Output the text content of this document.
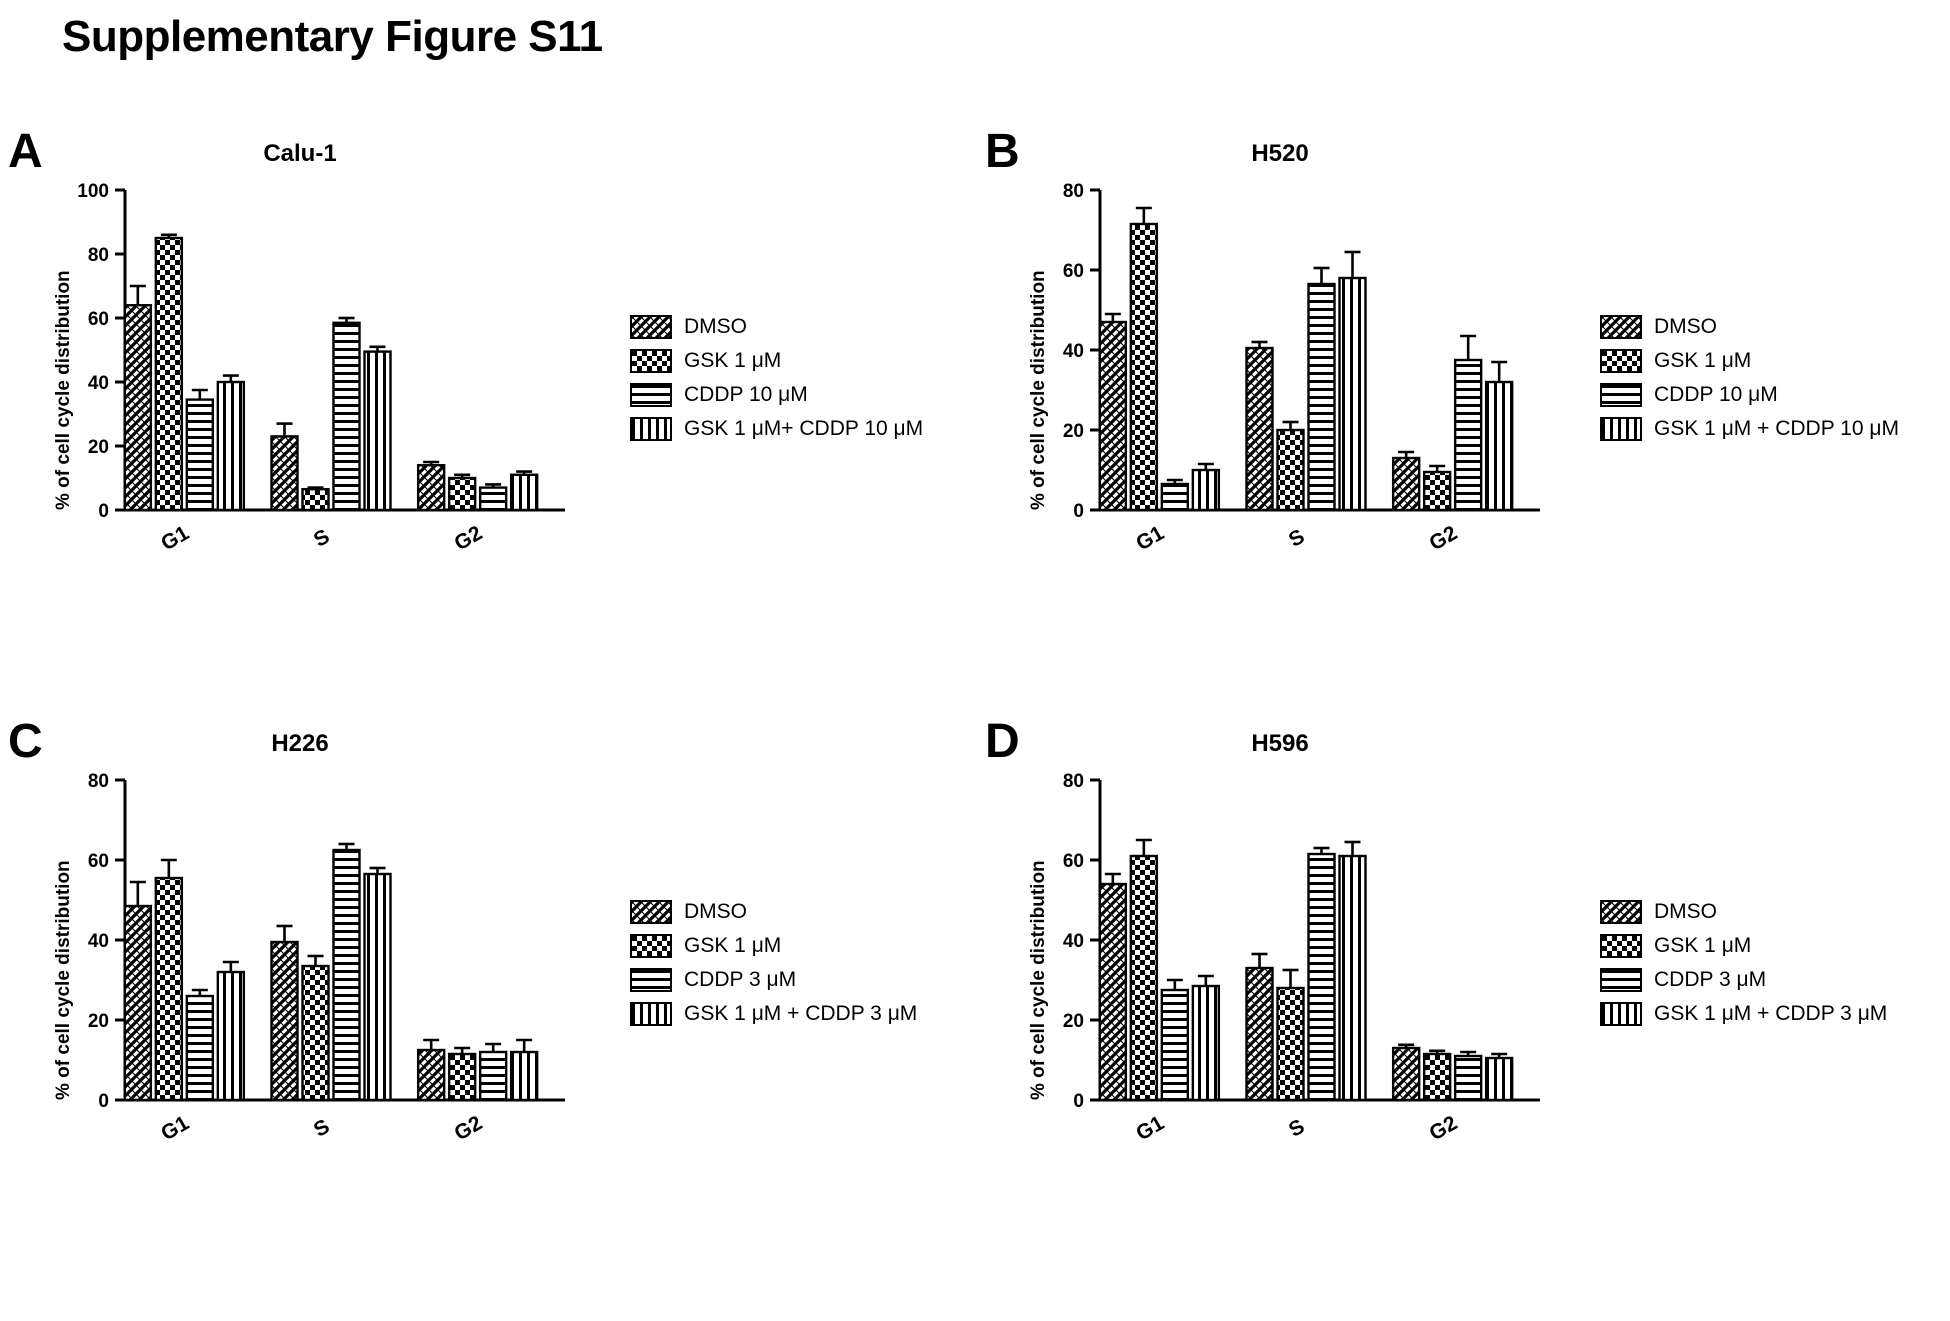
Supplementary Figure S11
A	Calu-1
% of cell cycle distribution
0
20
40
60
80
100
G1	S	G2
DMSO
GSK 1 μM
CDDP 10 μM
GSK 1 μM+ CDDP 10 μM
B	H520
% of cell cycle distribution
0
20
40
60
80
G1	S	G2
DMSO
GSK 1 μM
CDDP 10 μM
GSK 1 μM + CDDP 10 μM
C	H226
% of cell cycle distribution
0
20
40
60
80
G1	S	G2
DMSO
GSK 1 μM
CDDP 3 μM
GSK 1 μM + CDDP 3 μM
D	H596
% of cell cycle distribution
0
20
40
60
80
G1	S	G2
DMSO
GSK 1 μM
CDDP 3 μM
GSK 1 μM + CDDP 3 μM
